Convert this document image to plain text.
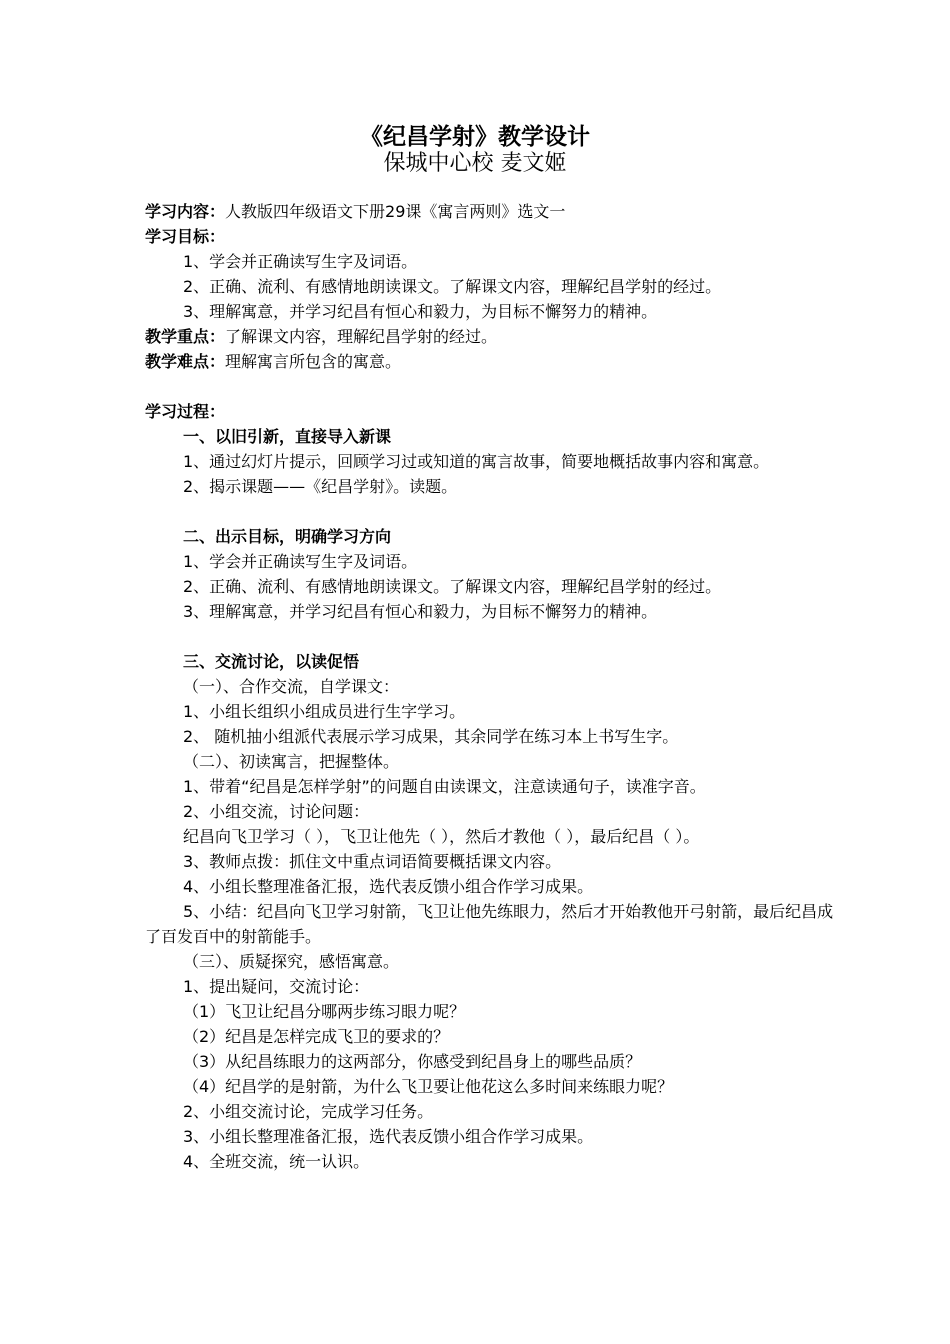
《纪昌学射》教学设计
保城中心校 麦文姬
学习内容：人教版四年级语文下册29课《寓言两则》选文一
学习目标：
1、学会并正确读写生字及词语。
2、正确、流利、有感情地朗读课文。了解课文内容，理解纪昌学射的经过。
3、理解寓意，并学习纪昌有恒心和毅力，为目标不懈努力的精神。
教学重点：了解课文内容，理解纪昌学射的经过。
教学难点：理解寓言所包含的寓意。
学习过程：
一、以旧引新，直接导入新课
1、通过幻灯片提示，回顾学习过或知道的寓言故事，简要地概括故事内容和寓意。
2、揭示课题——《纪昌学射》。读题。
二、出示目标，明确学习方向
1、学会并正确读写生字及词语。
2、正确、流利、有感情地朗读课文。了解课文内容，理解纪昌学射的经过。
3、理解寓意，并学习纪昌有恒心和毅力，为目标不懈努力的精神。
三、交流讨论，以读促悟
（一）、合作交流，自学课文：
1、小组长组织小组成员进行生字学习。
2、 随机抽小组派代表展示学习成果，其余同学在练习本上书写生字。
（二）、初读寓言，把握整体。
1、带着“纪昌是怎样学射”的问题自由读课文，注意读通句子，读准字音。
2、小组交流，讨论问题：
纪昌向飞卫学习（ ），飞卫让他先（ ），然后才教他（ ），最后纪昌（ ）。
3、教师点拨：抓住文中重点词语简要概括课文内容。
4、小组长整理准备汇报，选代表反馈小组合作学习成果。
5、小结：纪昌向飞卫学习射箭，飞卫让他先练眼力，然后才开始教他开弓射箭，最后纪昌成了百发百中的射箭能手。
（三）、质疑探究，感悟寓意。
1、提出疑问，交流讨论：
（1）飞卫让纪昌分哪两步练习眼力呢？
（2）纪昌是怎样完成飞卫的要求的？
（3）从纪昌练眼力的这两部分，你感受到纪昌身上的哪些品质？
（4）纪昌学的是射箭，为什么飞卫要让他花这么多时间来练眼力呢？
2、小组交流讨论，完成学习任务。
3、小组长整理准备汇报，选代表反馈小组合作学习成果。
4、全班交流，统一认识。
